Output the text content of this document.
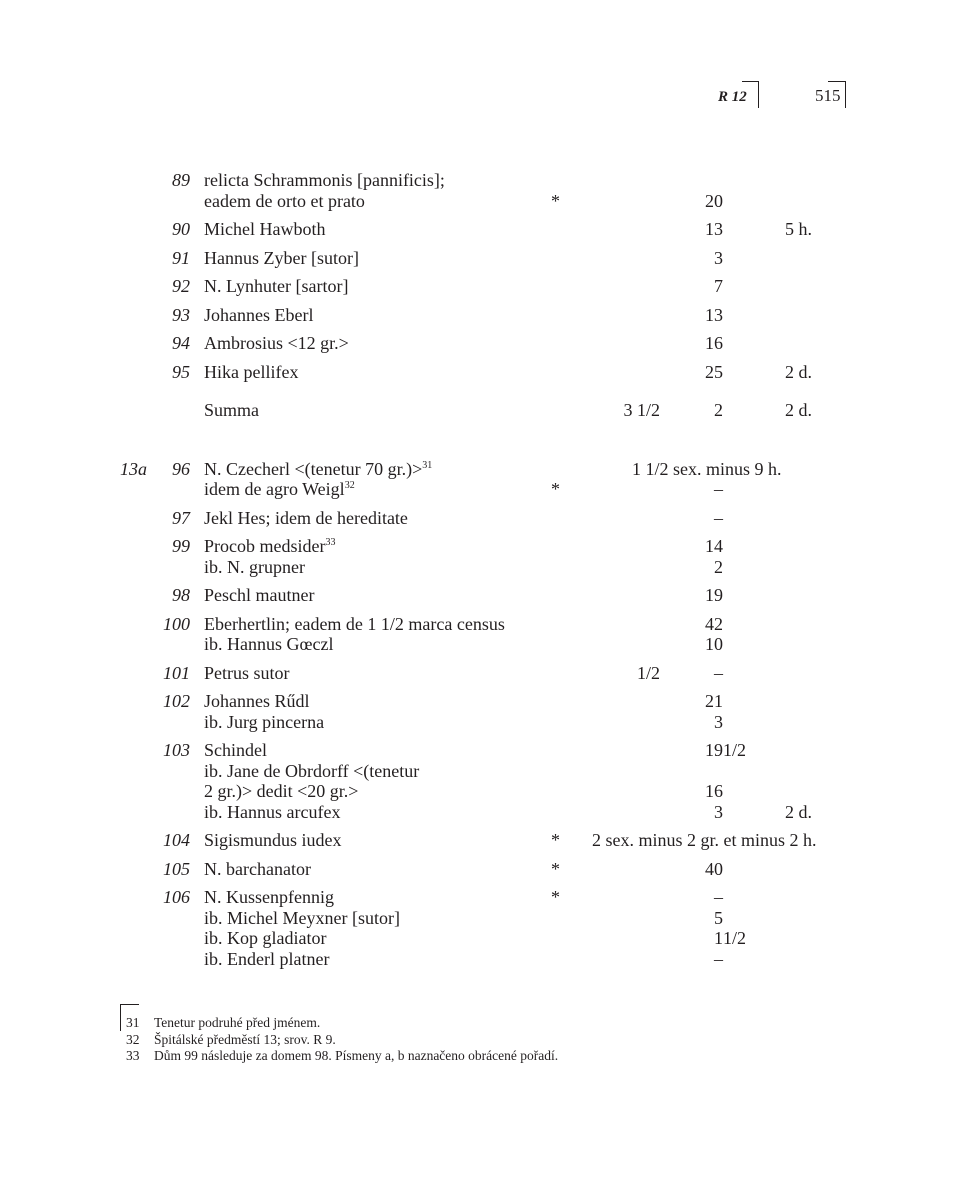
R 12	515
89 relicta Schrammonis [pannificis];
eadem de orto et prato	*	20
90 Michel Hawboth	13	5 h.
91 Hannus Zyber [sutor]	3
92 N. Lynhuter [sartor]	7
93 Johannes Eberl	13
94 Ambrosius <12 gr.>	16
95 Hika pellifex	25	2 d.
Summa	3 1/2	2	2 d.
13a	96 N. Czecherl <(tenetur 70 gr.)>$^{31}$	1 1/2 sex. minus 9 h.
idem de agro Weigl$^{32}$	*	–
97 Jekl Hes; idem de hereditate	–
99 Procob medsider$^{33}$	14
ib. N. grupner	2
98 Peschl mautner	19
100 Eberhertlin; eadem de 1 1/2 marca census	42
ib. Hannus Gœczl	10
101 Petrus sutor	1/2	–
102 Johannes Rűdl	21
ib. Jurg pincerna	3
103 Schindel	19 1/2
ib. Jane de Obrdorff <(tenetur
2 gr.)> dedit <20 gr.>	16
ib. Hannus arcufex	3	2 d.
104 Sigismundus iudex	* 2 sex. minus 2 gr. et minus 2 h.
105 N. barchanator	*	40
106 N. Kussenpfennig	*	–
ib. Michel Meyxner [sutor]	5
ib. Kop gladiator	1 1/2
ib. Enderl platner	–
31 Tenetur podruhé před jménem.
32 Špitálské předměstí 13; srov. R 9.
33 Dům 99 následuje za domem 98. Písmeny a, b naznačeno obrácené pořadí.
